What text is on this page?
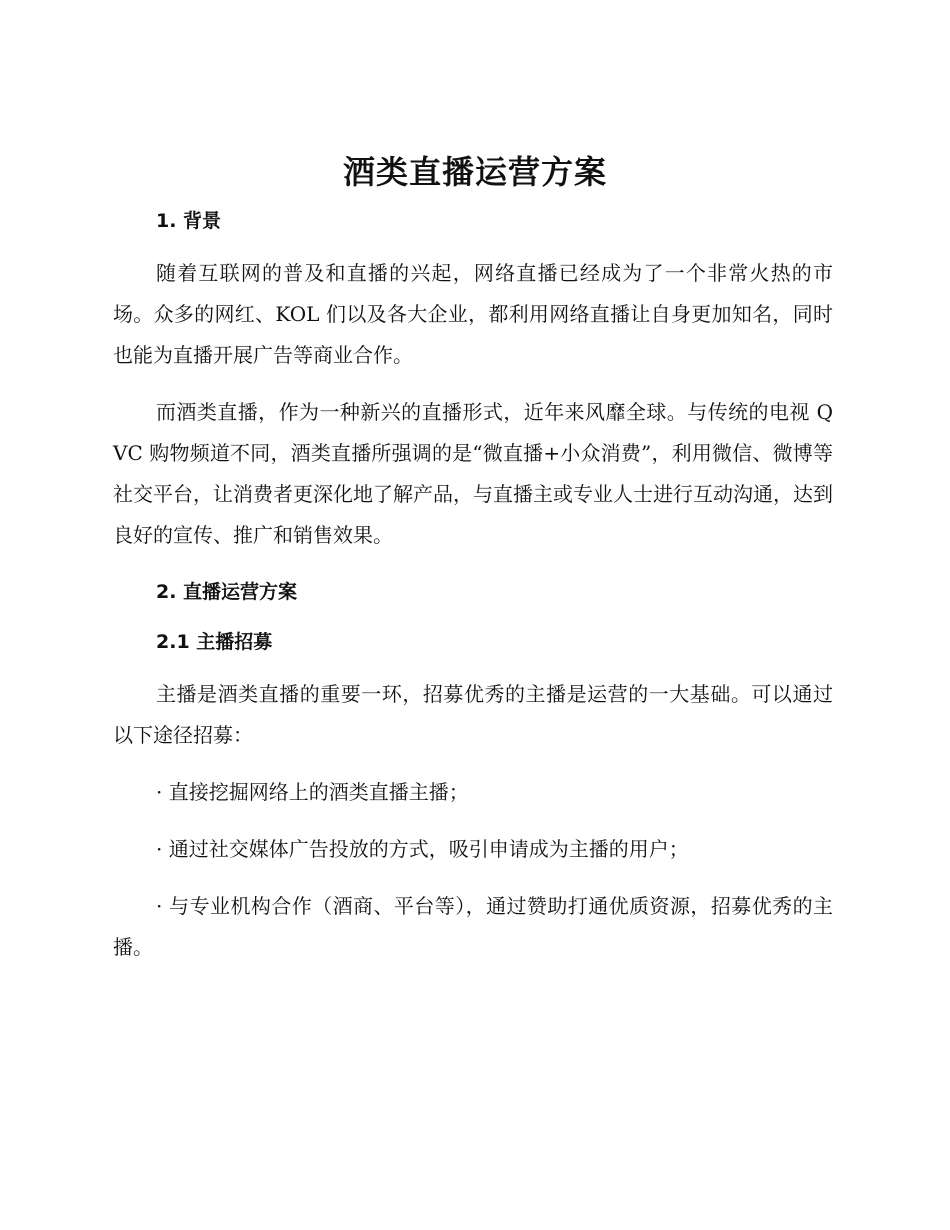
酒类直播运营方案
1. 背景

随着互联网的普及和直播的兴起，网络直播已经成为了一个非常火热的市场。众多的网红、KOL 们以及各大企业，都利用网络直播让自身更加知名，同时也能为直播开展广告等商业合作。

而酒类直播，作为一种新兴的直播形式，近年来风靡全球。与传统的电视 QVC 购物频道不同，酒类直播所强调的是“微直播+小众消费”，利用微信、微博等社交平台，让消费者更深化地了解产品，与直播主或专业人士进行互动沟通，达到良好的宣传、推广和销售效果。

2. 直播运营方案
2.1 主播招募

主播是酒类直播的重要一环，招募优秀的主播是运营的一大基础。可以通过以下途径招募：

· 直接挖掘网络上的酒类直播主播；

· 通过社交媒体广告投放的方式，吸引申请成为主播的用户；

· 与专业机构合作（酒商、平台等），通过赞助打通优质资源，招募优秀的主播。
